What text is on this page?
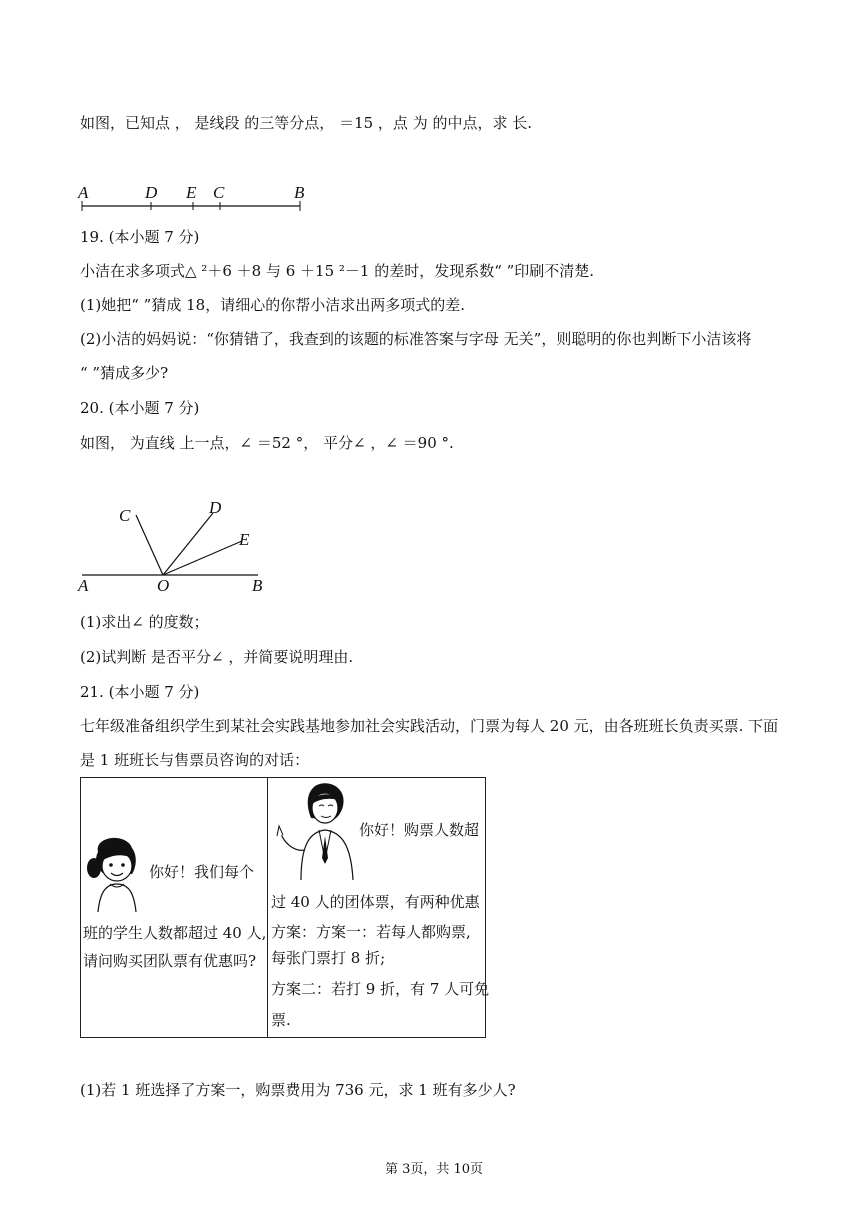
如图，已知点 ， 是线段 的三等分点， ＝15 ，点 为 的中点，求 长.
A	D E C	B
19. (本小题 7 分)
小洁在求多项式△ ²＋6 ＋8 与 6 ＋15 ²－1 的差时，发现系数“ ”印刷不清楚.
(1)她把“ ”猜成 18，请细心的你帮小洁求出两多项式的差.
(2)小洁的妈妈说：“你猜错了，我查到的该题的标准答案与字母 无关”，则聪明的你也判断下小洁该将
“ ”猜成多少?
20. (本小题 7 分)
如图， 为直线 上一点，∠ ＝52 °， 平分∠ ，∠ ＝90 °.
C	D
E
A	O	B
(1)求出∠ 的度数；
(2)试判断 是否平分∠ ，并简要说明理由.
21. (本小题 7 分)
七年级准备组织学生到某社会实践基地参加社会实践活动，门票为每人 20 元，由各班班长负责买票. 下面
是 1 班班长与售票员咨询的对话：
你好！我们每个
班的学生人数都超过 40 人,
请问购买团队票有优惠吗?
你好！购票人数超
过 40 人的团体票，有两种优惠
方案：方案一：若每人都购票,
每张门票打 8 折;
方案二：若打 9 折，有 7 人可免
票.
(1)若 1 班选择了方案一，购票费用为 736 元，求 1 班有多少人?
第 3页，共 10页
